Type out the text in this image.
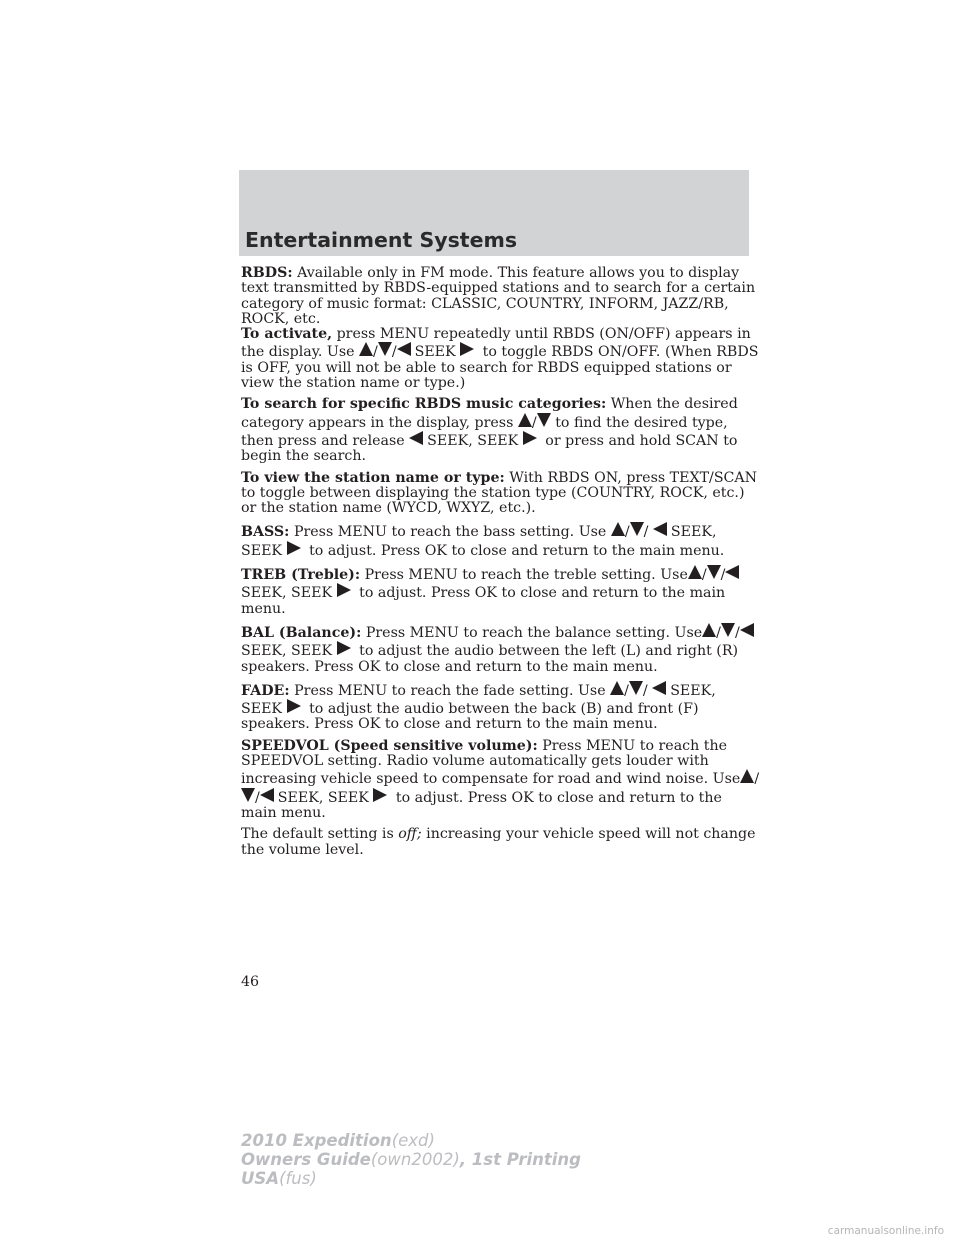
Entertainment Systems

RBDS: Available only in FM mode. This feature allows you to display text transmitted by RBDS-equipped stations and to search for a certain category of music format: CLASSIC, COUNTRY, INFORM, JAZZ/RB, ROCK, etc.

To activate, press MENU repeatedly until RBDS (ON/OFF) appears in the display. Use / / SEEK to toggle RBDS ON/OFF. (When RBDS is OFF, you will not be able to search for RBDS equipped stations or view the station name or type.)

To search for specific RBDS music categories: When the desired category appears in the display, press / to find the desired type, then press and release SEEK, SEEK or press and hold SCAN to begin the search.

To view the station name or type: With RBDS ON, press TEXT/SCAN to toggle between displaying the station type (COUNTRY, ROCK, etc.) or the station name (WYCD, WXYZ, etc.).

BASS: Press MENU to reach the bass setting. Use / / SEEK, SEEK to adjust. Press OK to close and return to the main menu.

TREB (Treble): Press MENU to reach the treble setting. Use / /SEEK, SEEK to adjust. Press OK to close and return to the main menu.

BAL (Balance): Press MENU to reach the balance setting. Use / /SEEK, SEEK to adjust the audio between the left (L) and right (R) speakers. Press OK to close and return to the main menu.

FADE: Press MENU to reach the fade setting. Use / / SEEK, SEEK to adjust the audio between the back (B) and front (F) speakers. Press OK to close and return to the main menu.

SPEEDVOL (Speed sensitive volume): Press MENU to reach the SPEEDVOL setting. Radio volume automatically gets louder with increasing vehicle speed to compensate for road and wind noise. Use // SEEK, SEEK to adjust. Press OK to close and return to the main menu.

The default setting is off; increasing your vehicle speed will not change the volume level.

46
2010 Expedition(exd)
Owners Guide(own2002), 1st Printing
USA(fus)
carmanualsonline.info
